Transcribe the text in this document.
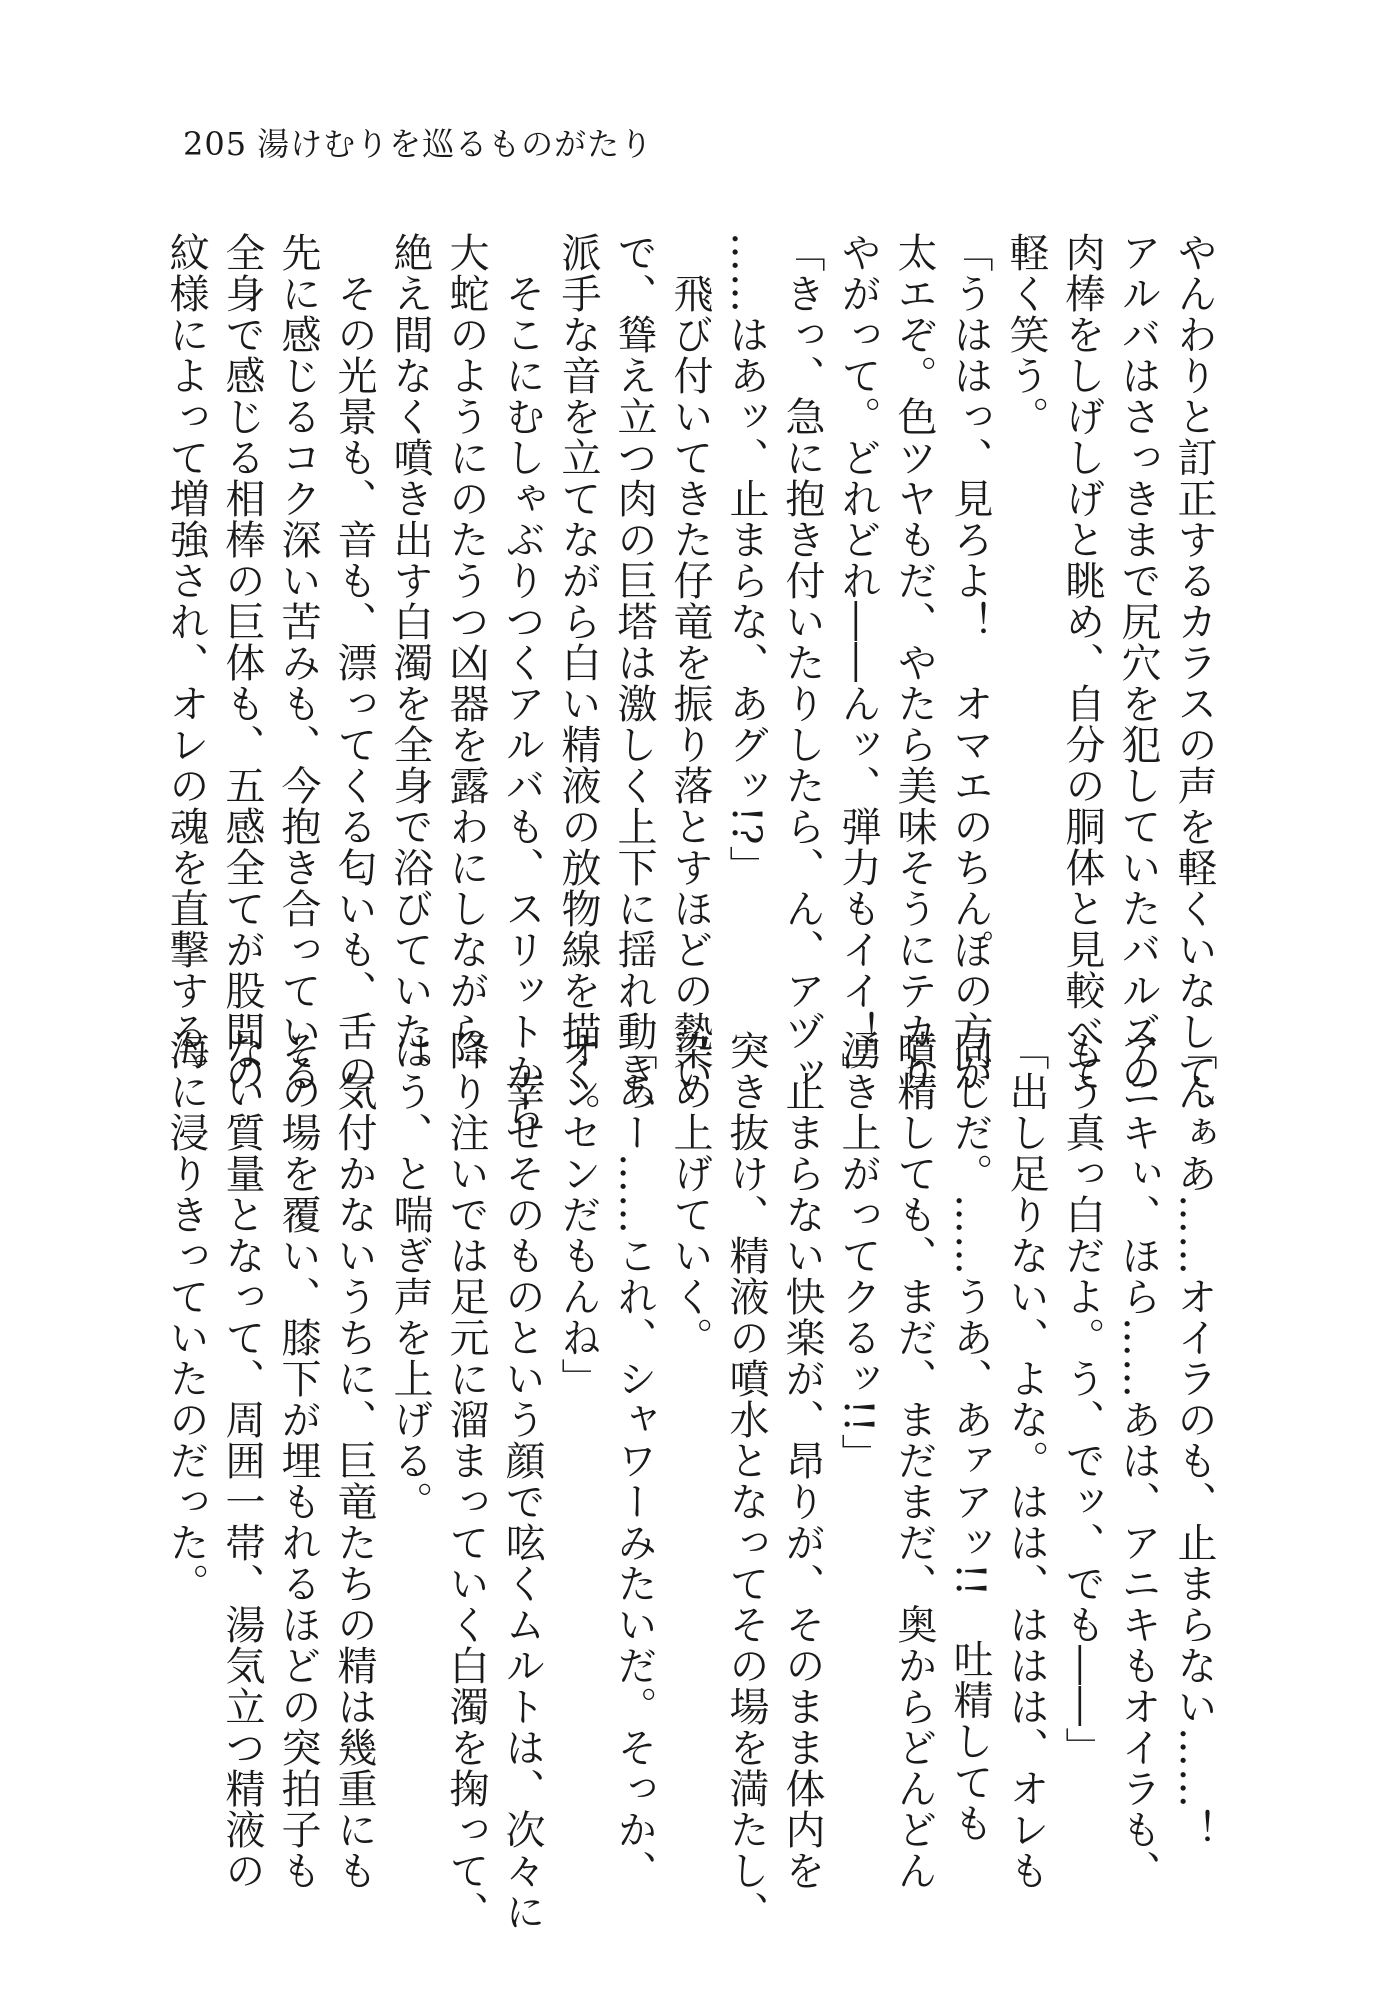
205 湯けむりを巡るものがたり
やんわりと訂正するカラスの声を軽くいなして、
アルバはさっきまで尻穴を犯していたバルズの
肉棒をしげしげと眺め、自分の胴体と見較べて
軽く笑う。
「うははっ、見ろよ！　オマエのちんぽの方が
太エぞ。色ツヤもだ、やたら美味そうにテカり
やがって。どれどれ――んッ、弾力もイイ！」
「きっ、急に抱き付いたりしたら、ん、アヅッ
……はあッ、止まらな、あグッ!?」
　飛び付いてきた仔竜を振り落とすほどの勢い
で、聳え立つ肉の巨塔は激しく上下に揺れ動き、
派手な音を立てながら白い精液の放物線を描く。
　そこにむしゃぶりつくアルバも、スリットから
大蛇のようにのたうつ凶器を露わにしながら、
絶え間なく噴き出す白濁を全身で浴びていた。
　その光景も、音も、漂ってくる匂いも、舌の
先に感じるコク深い苦みも、今抱き合っている
全身で感じる相棒の巨体も、五感全てが股間の
紋様によって増強され、オレの魂を直撃する。
「んぁあ……オイラのも、止まらない……！
アニキぃ、ほら……あは、アニキもオイラも、
もう真っ白だよ。う、でッ、でも――」
「出し足りない、よな。はは、ははは、オレも
同じだ。……うあ、あァアッ!!　吐精しても
噴精しても、まだ、まだまだ、奥からどんどん
湧き上がってクるッ!!」
　止まらない快楽が、昂りが、そのまま体内を
突き抜け、精液の噴水となってその場を満たし、
染め上げていく。
「あー……これ、シャワーみたいだ。そっか、
オンセンだもんね」
　幸せそのものという顔で呟くムルトは、次々に
降り注いでは足元に溜まっていく白濁を掬って、
はう、と喘ぎ声を上げる。
　気付かないうちに、巨竜たちの精は幾重にも
その場を覆い、膝下が埋もれるほどの突拍子も
ない質量となって、周囲一帯、湯気立つ精液の
海に浸りきっていたのだった。
